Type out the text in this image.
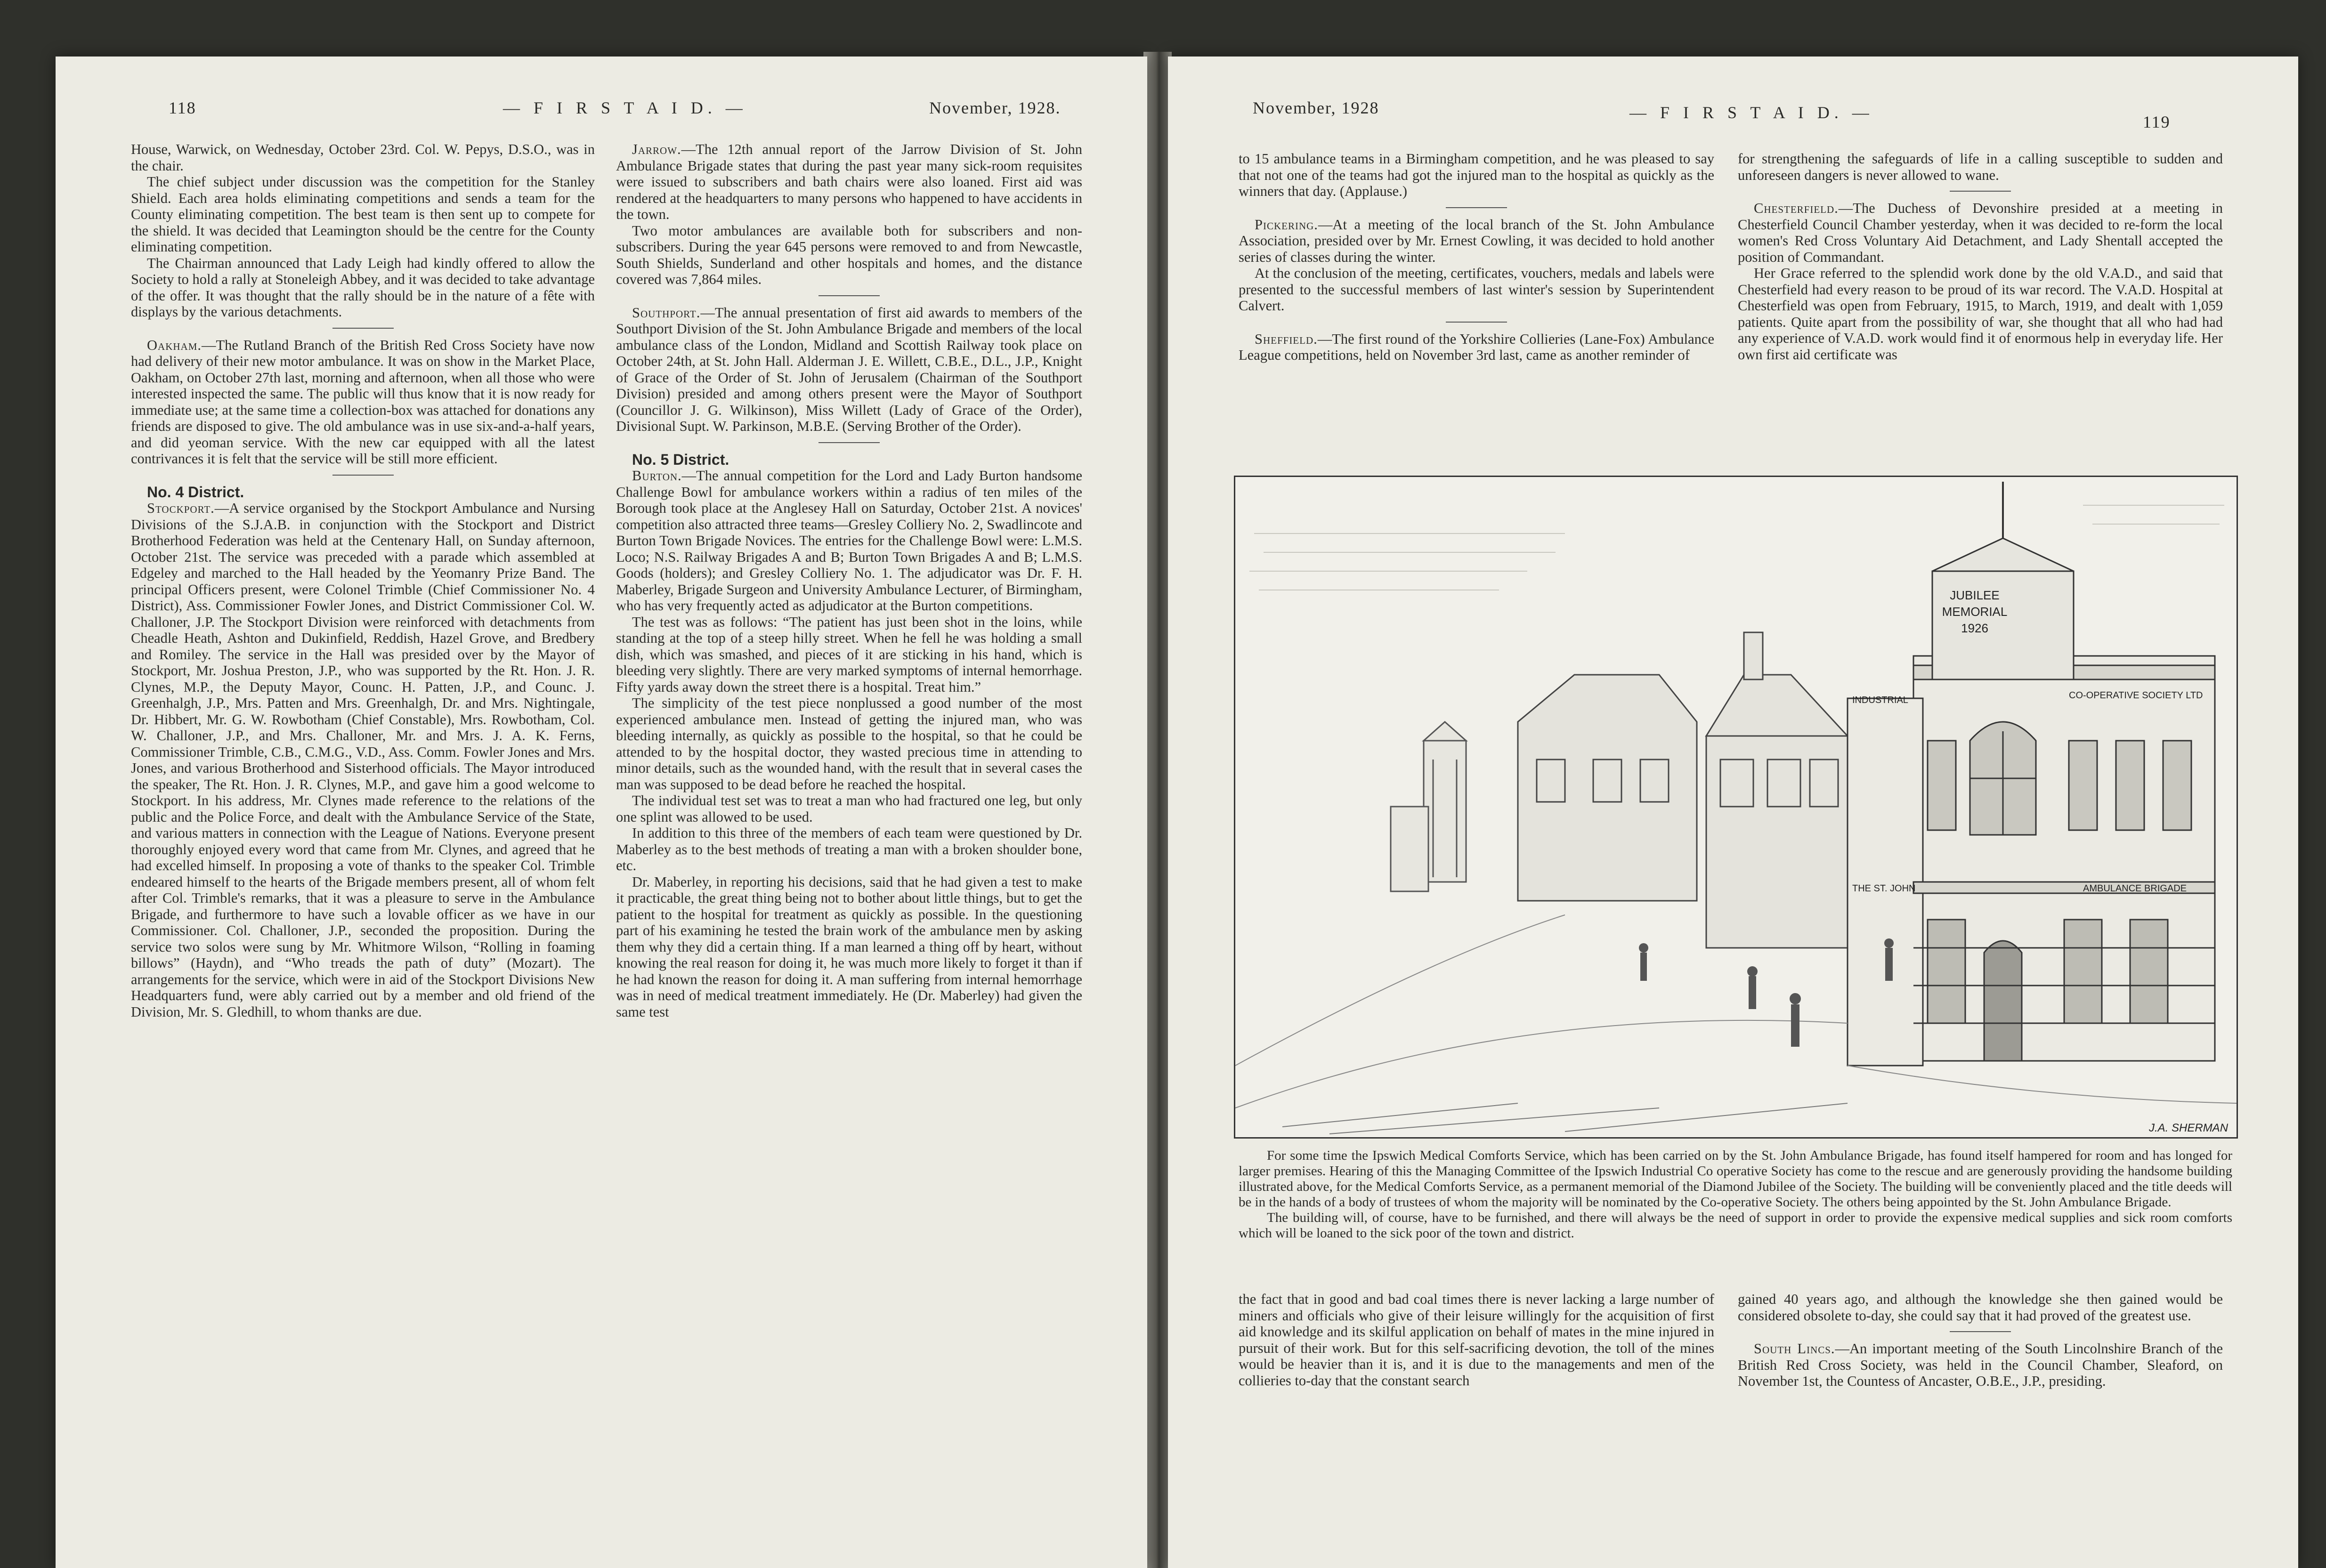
118	— F I R S T A I D. —	November, 1928.

House, Warwick, on Wednesday, October 23rd. Col. W. Pepys, D.S.O., was in the chair.

The chief subject under discussion was the competition for the Stanley Shield. Each area holds eliminating competitions and sends a team for the County eliminating competition. The best team is then sent up to compete for the shield. It was decided that Leamington should be the centre for the County eliminating competition.

The Chairman announced that Lady Leigh had kindly offered to allow the Society to hold a rally at Stoneleigh Abbey, and it was decided to take advantage of the offer. It was thought that the rally should be in the nature of a fête with displays by the various detachments.

Oakham.—The Rutland Branch of the British Red Cross Society have now had delivery of their new motor ambulance. It was on show in the Market Place, Oakham, on October 27th last, morning and afternoon, when all those who were interested inspected the same. The public will thus know that it is now ready for immediate use; at the same time a collection-box was attached for donations any friends are disposed to give. The old ambulance was in use six-and-a-half years, and did yeoman service. With the new car equipped with all the latest contrivances it is felt that the service will be still more efficient.

No. 4 District.

Stockport.—A service organised by the Stockport Ambulance and Nursing Divisions of the S.J.A.B. in conjunction with the Stockport and District Brotherhood Federation was held at the Centenary Hall, on Sunday afternoon, October 21st. The service was preceded with a parade which assembled at Edgeley and marched to the Hall headed by the Yeomanry Prize Band. The principal Officers present, were Colonel Trimble (Chief Commissioner No. 4 District), Ass. Commissioner Fowler Jones, and District Commissioner Col. W. Challoner, J.P. The Stockport Division were reinforced with detachments from Cheadle Heath, Ashton and Dukinfield, Reddish, Hazel Grove, and Bredbery and Romiley. The service in the Hall was presided over by the Mayor of Stockport, Mr. Joshua Preston, J.P., who was supported by the Rt. Hon. J. R. Clynes, M.P., the Deputy Mayor, Counc. H. Patten, J.P., and Counc. J. Greenhalgh, J.P., Mrs. Patten and Mrs. Greenhalgh, Dr. and Mrs. Nightingale, Dr. Hibbert, Mr. G. W. Rowbotham (Chief Constable), Mrs. Rowbotham, Col. W. Challoner, J.P., and Mrs. Challoner, Mr. and Mrs. J. A. K. Ferns, Commissioner Trimble, C.B., C.M.G., V.D., Ass. Comm. Fowler Jones and Mrs. Jones, and various Brotherhood and Sisterhood officials. The Mayor introduced the speaker, The Rt. Hon. J. R. Clynes, M.P., and gave him a good welcome to Stockport. In his address, Mr. Clynes made reference to the relations of the public and the Police Force, and dealt with the Ambulance Service of the State, and various matters in connection with the League of Nations. Everyone present thoroughly enjoyed every word that came from Mr. Clynes, and agreed that he had excelled himself. In proposing a vote of thanks to the speaker Col. Trimble endeared himself to the hearts of the Brigade members present, all of whom felt after Col. Trimble's remarks, that it was a pleasure to serve in the Ambulance Brigade, and furthermore to have such a lovable officer as we have in our Commissioner. Col. Challoner, J.P., seconded the proposition. During the service two solos were sung by Mr. Whitmore Wilson, “Rolling in foaming billows” (Haydn), and “Who treads the path of duty” (Mozart). The arrangements for the service, which were in aid of the Stockport Divisions New Headquarters fund, were ably carried out by a member and old friend of the Division, Mr. S. Gledhill, to whom thanks are due.

Jarrow.—The 12th annual report of the Jarrow Division of St. John Ambulance Brigade states that during the past year many sick-room requisites were issued to subscribers and bath chairs were also loaned. First aid was rendered at the headquarters to many persons who happened to have accidents in the town.

Two motor ambulances are available both for subscribers and non-subscribers. During the year 645 persons were removed to and from Newcastle, South Shields, Sunderland and other hospitals and homes, and the distance covered was 7,864 miles.

Southport.—The annual presentation of first aid awards to members of the Southport Division of the St. John Ambulance Brigade and members of the local ambulance class of the London, Midland and Scottish Railway took place on October 24th, at St. John Hall. Alderman J. E. Willett, C.B.E., D.L., J.P., Knight of Grace of the Order of St. John of Jerusalem (Chairman of the Southport Division) presided and among others present were the Mayor of Southport (Councillor J. G. Wilkinson), Miss Willett (Lady of Grace of the Order), Divisional Supt. W. Parkinson, M.B.E. (Serving Brother of the Order).

No. 5 District.

Burton.—The annual competition for the Lord and Lady Burton handsome Challenge Bowl for ambulance workers within a radius of ten miles of the Borough took place at the Anglesey Hall on Saturday, October 21st. A novices' competition also attracted three teams—Gresley Colliery No. 2, Swadlincote and Burton Town Brigade Novices. The entries for the Challenge Bowl were: L.M.S. Loco; N.S. Railway Brigades A and B; Burton Town Brigades A and B; L.M.S. Goods (holders); and Gresley Colliery No. 1. The adjudicator was Dr. F. H. Maberley, Brigade Surgeon and University Ambulance Lecturer, of Birmingham, who has very frequently acted as adjudicator at the Burton competitions.

The test was as follows: “The patient has just been shot in the loins, while standing at the top of a steep hilly street. When he fell he was holding a small dish, which was smashed, and pieces of it are sticking in his hand, which is bleeding very slightly. There are very marked symptoms of internal hemorrhage. Fifty yards away down the street there is a hospital. Treat him.”

The simplicity of the test piece nonplussed a good number of the most experienced ambulance men. Instead of getting the injured man, who was bleeding internally, as quickly as possible to the hospital, so that he could be attended to by the hospital doctor, they wasted precious time in attending to minor details, such as the wounded hand, with the result that in several cases the man was supposed to be dead before he reached the hospital.

The individual test set was to treat a man who had fractured one leg, but only one splint was allowed to be used.

In addition to this three of the members of each team were questioned by Dr. Maberley as to the best methods of treating a man with a broken shoulder bone, etc.

Dr. Maberley, in reporting his decisions, said that he had given a test to make it practicable, the great thing being not to bother about little things, but to get the patient to the hospital for treatment as quickly as possible. In the questioning part of his examining he tested the brain work of the ambulance men by asking them why they did a certain thing. If a man learned a thing off by heart, without knowing the real reason for doing it, he was much more likely to forget it than if he had known the reason for doing it. A man suffering from internal hemorrhage was in need of medical treatment immediately. He (Dr. Maberley) had given the same test

November, 1928	— F I R S T A I D. —	119

to 15 ambulance teams in a Birmingham competition, and he was pleased to say that not one of the teams had got the injured man to the hospital as quickly as the winners that day. (Applause.)

Pickering.—At a meeting of the local branch of the St. John Ambulance Association, presided over by Mr. Ernest Cowling, it was decided to hold another series of classes during the winter.

At the conclusion of the meeting, certificates, vouchers, medals and labels were presented to the successful members of last winter's session by Superintendent Calvert.

Sheffield.—The first round of the Yorkshire Collieries (Lane-Fox) Ambulance League competitions, held on November 3rd last, came as another reminder of

for strengthening the safeguards of life in a calling susceptible to sudden and unforeseen dangers is never allowed to wane.

Chesterfield.—The Duchess of Devonshire presided at a meeting in Chesterfield Council Chamber yesterday, when it was decided to re-form the local women's Red Cross Voluntary Aid Detachment, and Lady Shentall accepted the position of Commandant.

Her Grace referred to the splendid work done by the old V.A.D., and said that Chesterfield had every reason to be proud of its war record. The V.A.D. Hospital at Chesterfield was open from February, 1915, to March, 1919, and dealt with 1,059 patients. Quite apart from the possibility of war, she thought that all who had had any experience of V.A.D. work would find it of enormous help in everyday life. Her own first aid certificate was

JUBILEE
MEMORIAL
1926
INDUSTRIAL	CO-OPERATIVE SOCIETY LTD
THE ST. JOHN	AMBULANCE BRIGADE
J.A. SHERMAN

For some time the Ipswich Medical Comforts Service, which has been carried on by the St. John Ambulance Brigade, has found itself hampered for room and has longed for larger premises. Hearing of this the Managing Committee of the Ipswich Industrial Co operative Society has come to the rescue and are generously providing the handsome building illustrated above, for the Medical Comforts Service, as a permanent memorial of the Diamond Jubilee of the Society. The building will be conveniently placed and the title deeds will be in the hands of a body of trustees of whom the majority will be nominated by the Co-operative Society. The others being appointed by the St. John Ambulance Brigade.

The building will, of course, have to be furnished, and there will always be the need of support in order to provide the expensive medical supplies and sick room comforts which will be loaned to the sick poor of the town and district.

the fact that in good and bad coal times there is never lacking a large number of miners and officials who give of their leisure willingly for the acquisition of first aid knowledge and its skilful application on behalf of mates in the mine injured in pursuit of their work. But for this self-sacrificing devotion, the toll of the mines would be heavier than it is, and it is due to the managements and men of the collieries to-day that the constant search

gained 40 years ago, and although the knowledge she then gained would be considered obsolete to-day, she could say that it had proved of the greatest use.

South Lincs.—An important meeting of the South Lincolnshire Branch of the British Red Cross Society, was held in the Council Chamber, Sleaford, on November 1st, the Countess of Ancaster, O.B.E., J.P., presiding.
